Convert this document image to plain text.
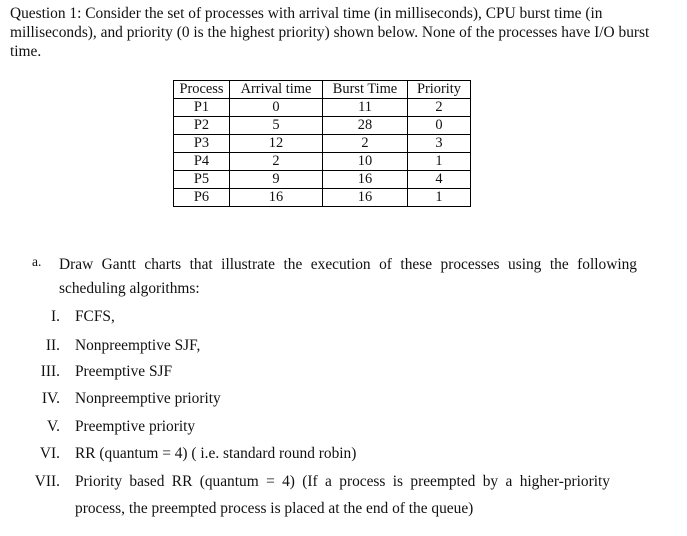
Question 1: Consider the set of processes with arrival time (in milliseconds), CPU burst time (in milliseconds), and priority (0 is the highest priority) shown below. None of the processes have I/O burst time.

Process	Arrival time	Burst Time	Priority
P1	0	11	2
P2	5	28	0
P3	12	2	3
P4	2	10	1
P5	9	16	4
P6	16	16	1
a. Draw Gantt charts that illustrate the execution of these processes using the following
scheduling algorithms:
I. FCFS,
II. Nonpreemptive SJF,
III. Preemptive SJF
IV. Nonpreemptive priority
V. Preemptive priority
VI. RR (quantum = 4) ( i.e. standard round robin)
VII. Priority based RR (quantum = 4) (If a process is preempted by a higher-priority process, the preempted process is placed at the end of the queue)
